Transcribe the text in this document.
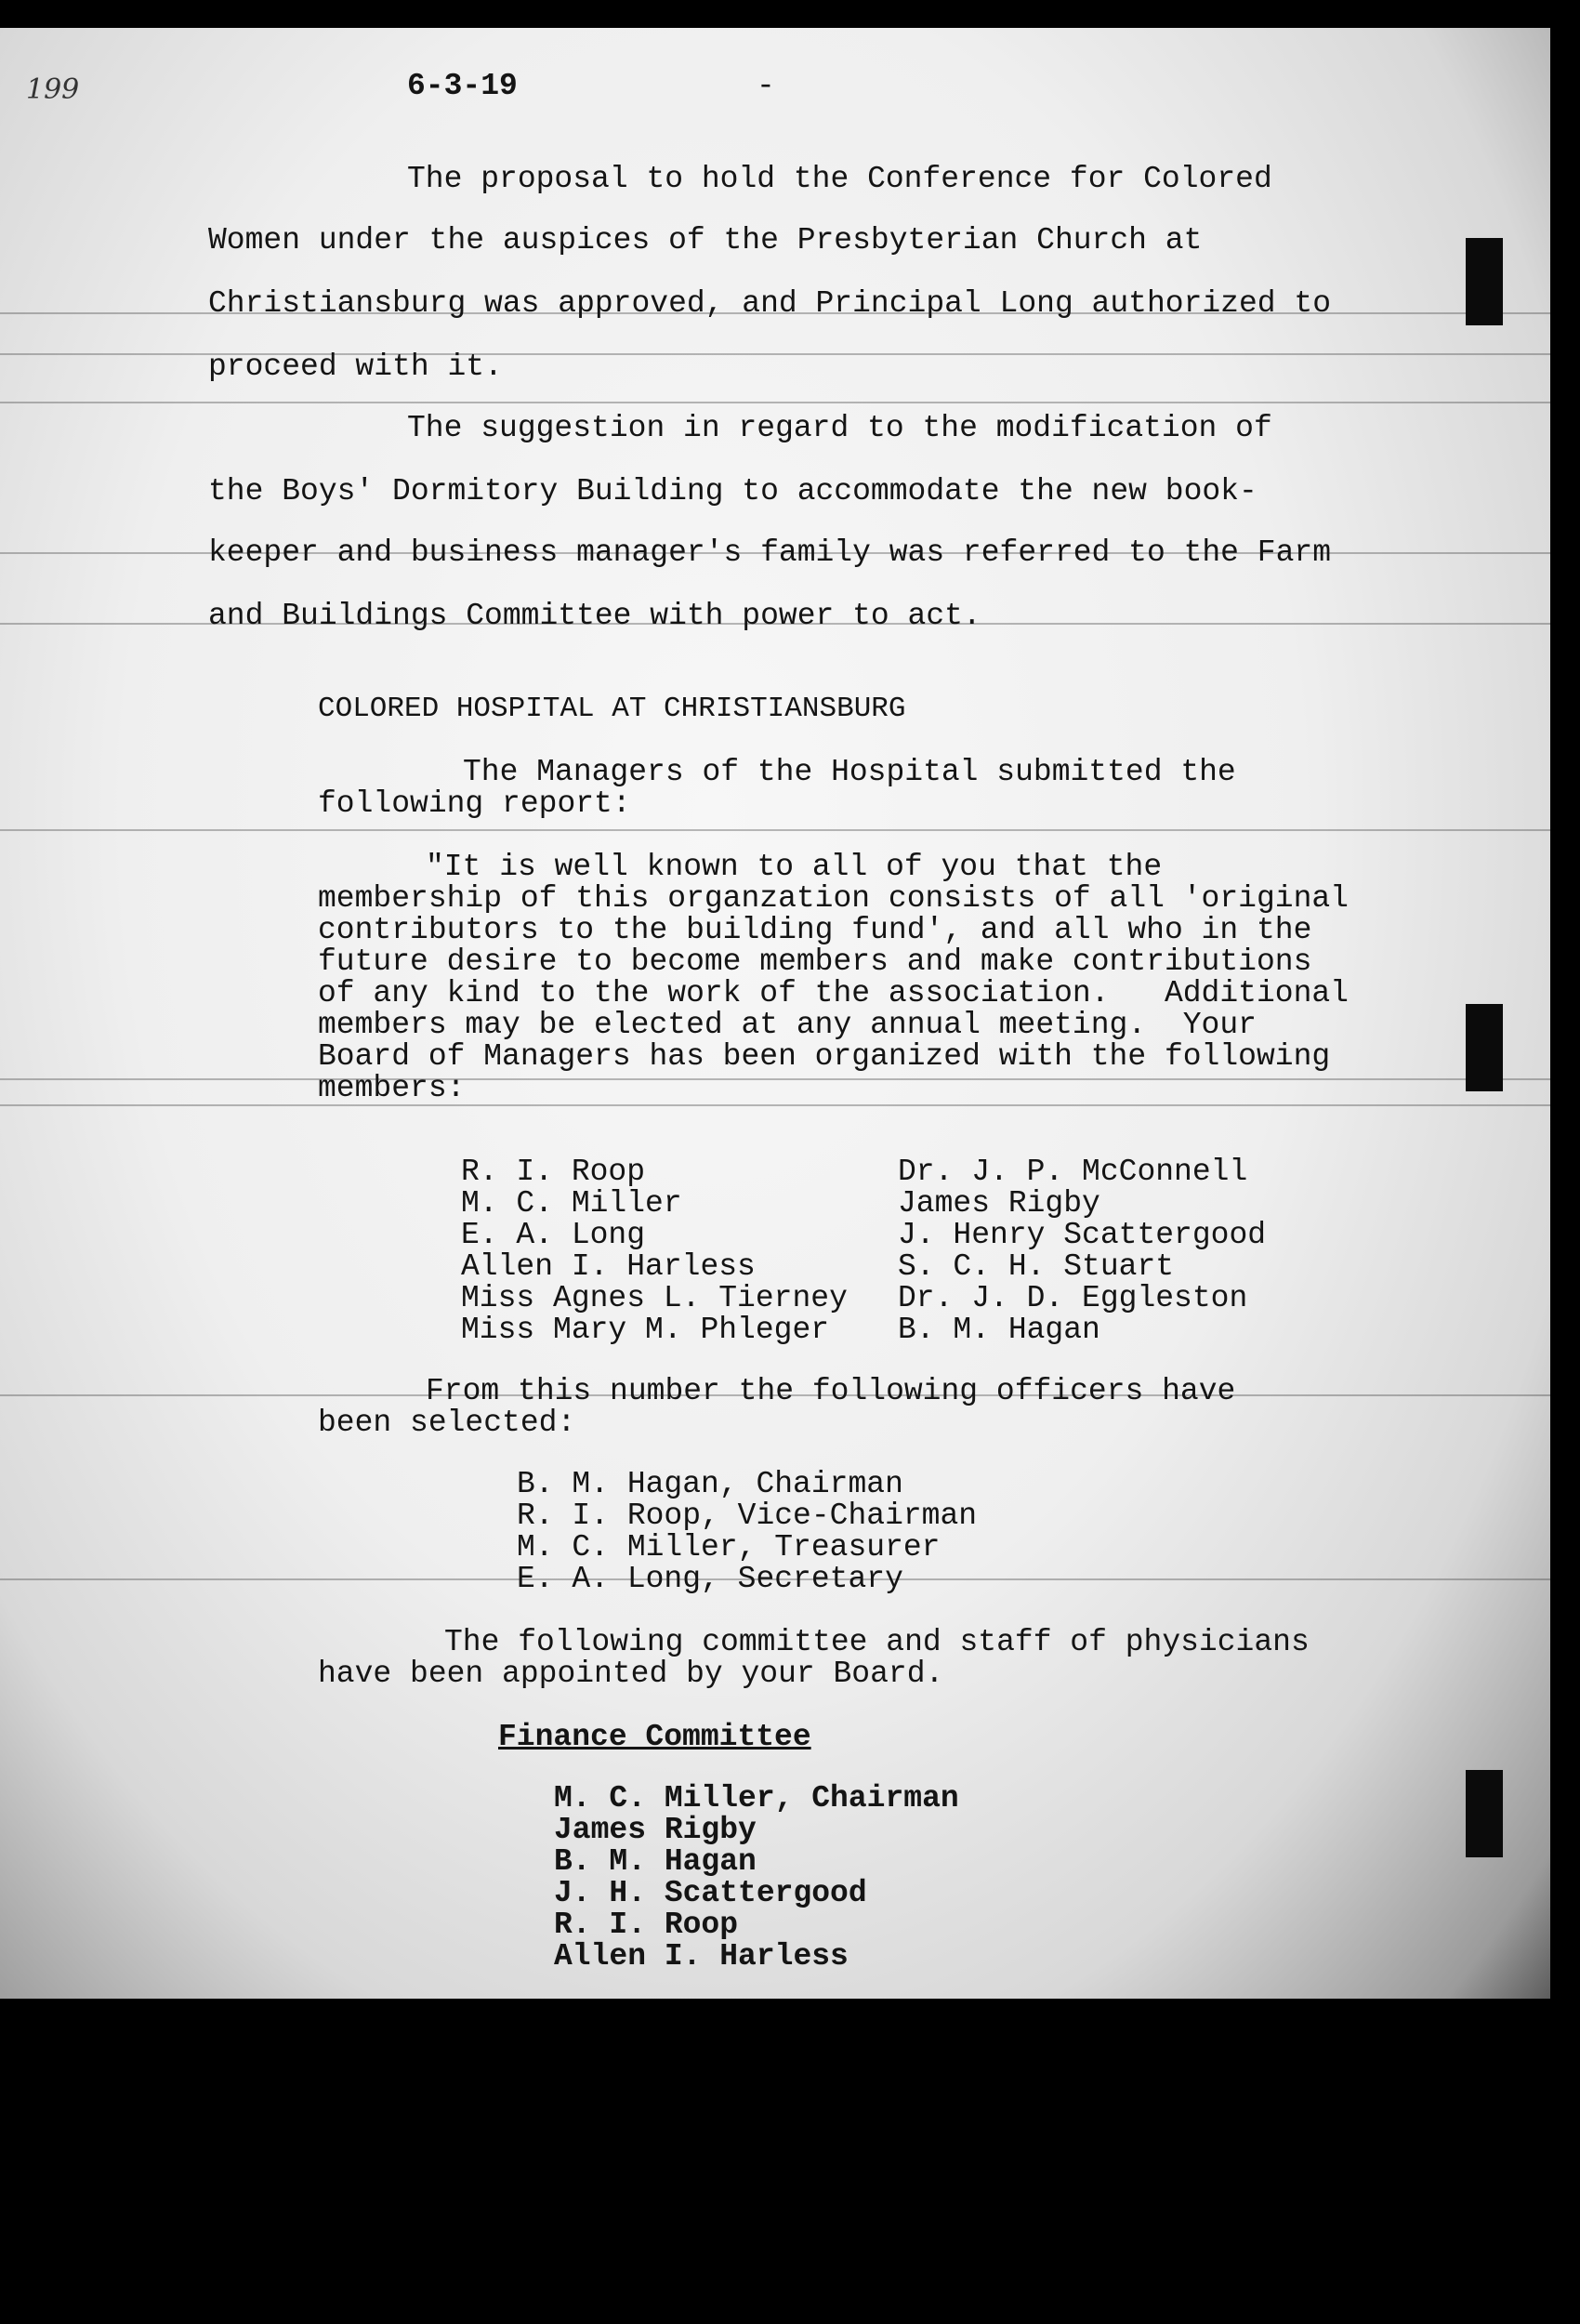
199	6-3-19	-
The proposal to hold the Conference for Colored
Women under the auspices of the Presbyterian Church at
Christiansburg was approved, and Principal Long authorized to
proceed with it.
The suggestion in regard to the modification of
the Boys' Dormitory Building to accommodate the new book-
keeper and business manager's family was referred to the Farm
and Buildings Committee with power to act.
COLORED HOSPITAL AT CHRISTIANSBURG
The Managers of the Hospital submitted the
following report:
"It is well known to all of you that the
membership of this organzation consists of all 'original
contributors to the building fund', and all who in the
future desire to become members and make contributions
of any kind to the work of the association.   Additional
members may be elected at any annual meeting.  Your
Board of Managers has been organized with the following
members:
R. I. Roop
M. C. Miller
E. A. Long
Allen I. Harless
Miss Agnes L. Tierney
Miss Mary M. Phleger
Dr. J. P. McConnell
James Rigby
J. Henry Scattergood
S. C. H. Stuart
Dr. J. D. Eggleston
B. M. Hagan
From this number the following officers have
been selected:
B. M. Hagan, Chairman
R. I. Roop, Vice-Chairman
M. C. Miller, Treasurer
E. A. Long, Secretary
The following committee and staff of physicians
have been appointed by your Board.
Finance Committee
M. C. Miller, Chairman
James Rigby
B. M. Hagan
J. H. Scattergood
R. I. Roop
Allen I. Harless
